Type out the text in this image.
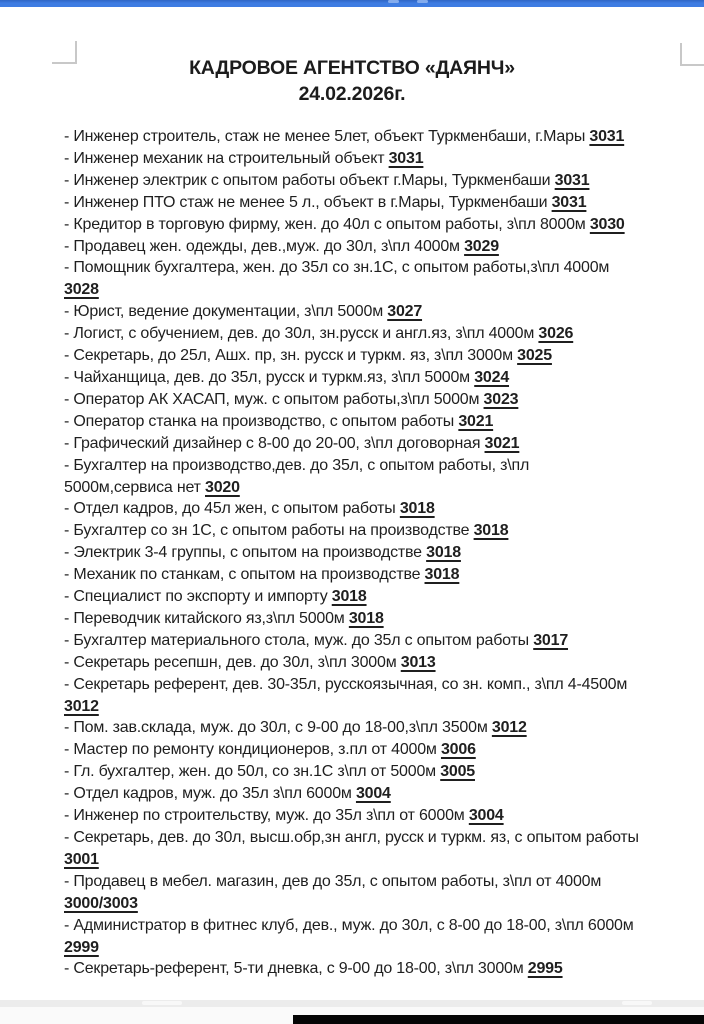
КАДРОВОЕ АГЕНТСТВО «ДАЯНЧ»
24.02.2026г.
- Инженер строитель, стаж не менее 5лет, объект Туркменбаши, г.Мары 3031
- Инженер механик на строительный объект 3031
- Инженер электрик с опытом работы объект г.Мары, Туркменбаши 3031
- Инженер ПТО стаж не менее 5 л., объект в г.Мары, Туркменбаши 3031
- Кредитор в торговую фирму, жен. до 40л с опытом работы, з\пл 8000м 3030
- Продавец жен. одежды, дев.,муж. до 30л, з\пл 4000м 3029
- Помощник бухгалтера, жен. до 35л со зн.1С, с опытом работы,з\пл 4000м
3028
- Юрист, ведение документации, з\пл 5000м 3027
- Логист, с обучением, дев. до 30л, зн.русск и англ.яз, з\пл 4000м 3026
- Секретарь, до 25л, Ашх. пр, зн. русск и туркм. яз, з\пл 3000м 3025
- Чайханщица, дев. до 35л, русск и туркм.яз, з\пл 5000м 3024
- Оператор АК ХАСАП, муж. с опытом работы,з\пл 5000м 3023
- Оператор станка на производство, с опытом работы 3021
- Графический дизайнер с 8-00 до 20-00, з\пл договорная 3021
- Бухгалтер на производство,дев. до 35л, с опытом работы, з\пл
5000м,сервиса нет 3020
- Отдел кадров, до 45л жен, с опытом работы 3018
- Бухгалтер со зн 1С, с опытом работы на производстве 3018
- Электрик 3-4 группы, с опытом на производстве 3018
- Механик по станкам, с опытом на производстве 3018
- Специалист по экспорту и импорту 3018
- Переводчик китайского яз,з\пл 5000м 3018
- Бухгалтер материального стола, муж. до 35л с опытом работы 3017
- Секретарь ресепшн, дев. до 30л, з\пл 3000м 3013
- Секретарь референт, дев. 30-35л, русскоязычная, со зн. комп., з\пл 4-4500м
3012
- Пом. зав.склада, муж. до 30л, с 9-00 до 18-00,з\пл 3500м 3012
- Мастер по ремонту кондиционеров, з.пл от 4000м 3006
- Гл. бухгалтер, жен. до 50л, со зн.1С з\пл от 5000м 3005
- Отдел кадров, муж. до 35л з\пл 6000м 3004
- Инженер по строительству, муж. до 35л з\пл от 6000м 3004
- Секретарь, дев. до 30л, высш.обр,зн англ, русск и туркм. яз, с опытом работы
3001
- Продавец в мебел. магазин, дев до 35л, с опытом работы, з\пл от 4000м
3000/3003
- Администратор в фитнес клуб, дев., муж. до 30л, с 8-00 до 18-00, з\пл 6000м
2999
- Секретарь-референт, 5-ти дневка, с 9-00 до 18-00, з\пл 3000м 2995
